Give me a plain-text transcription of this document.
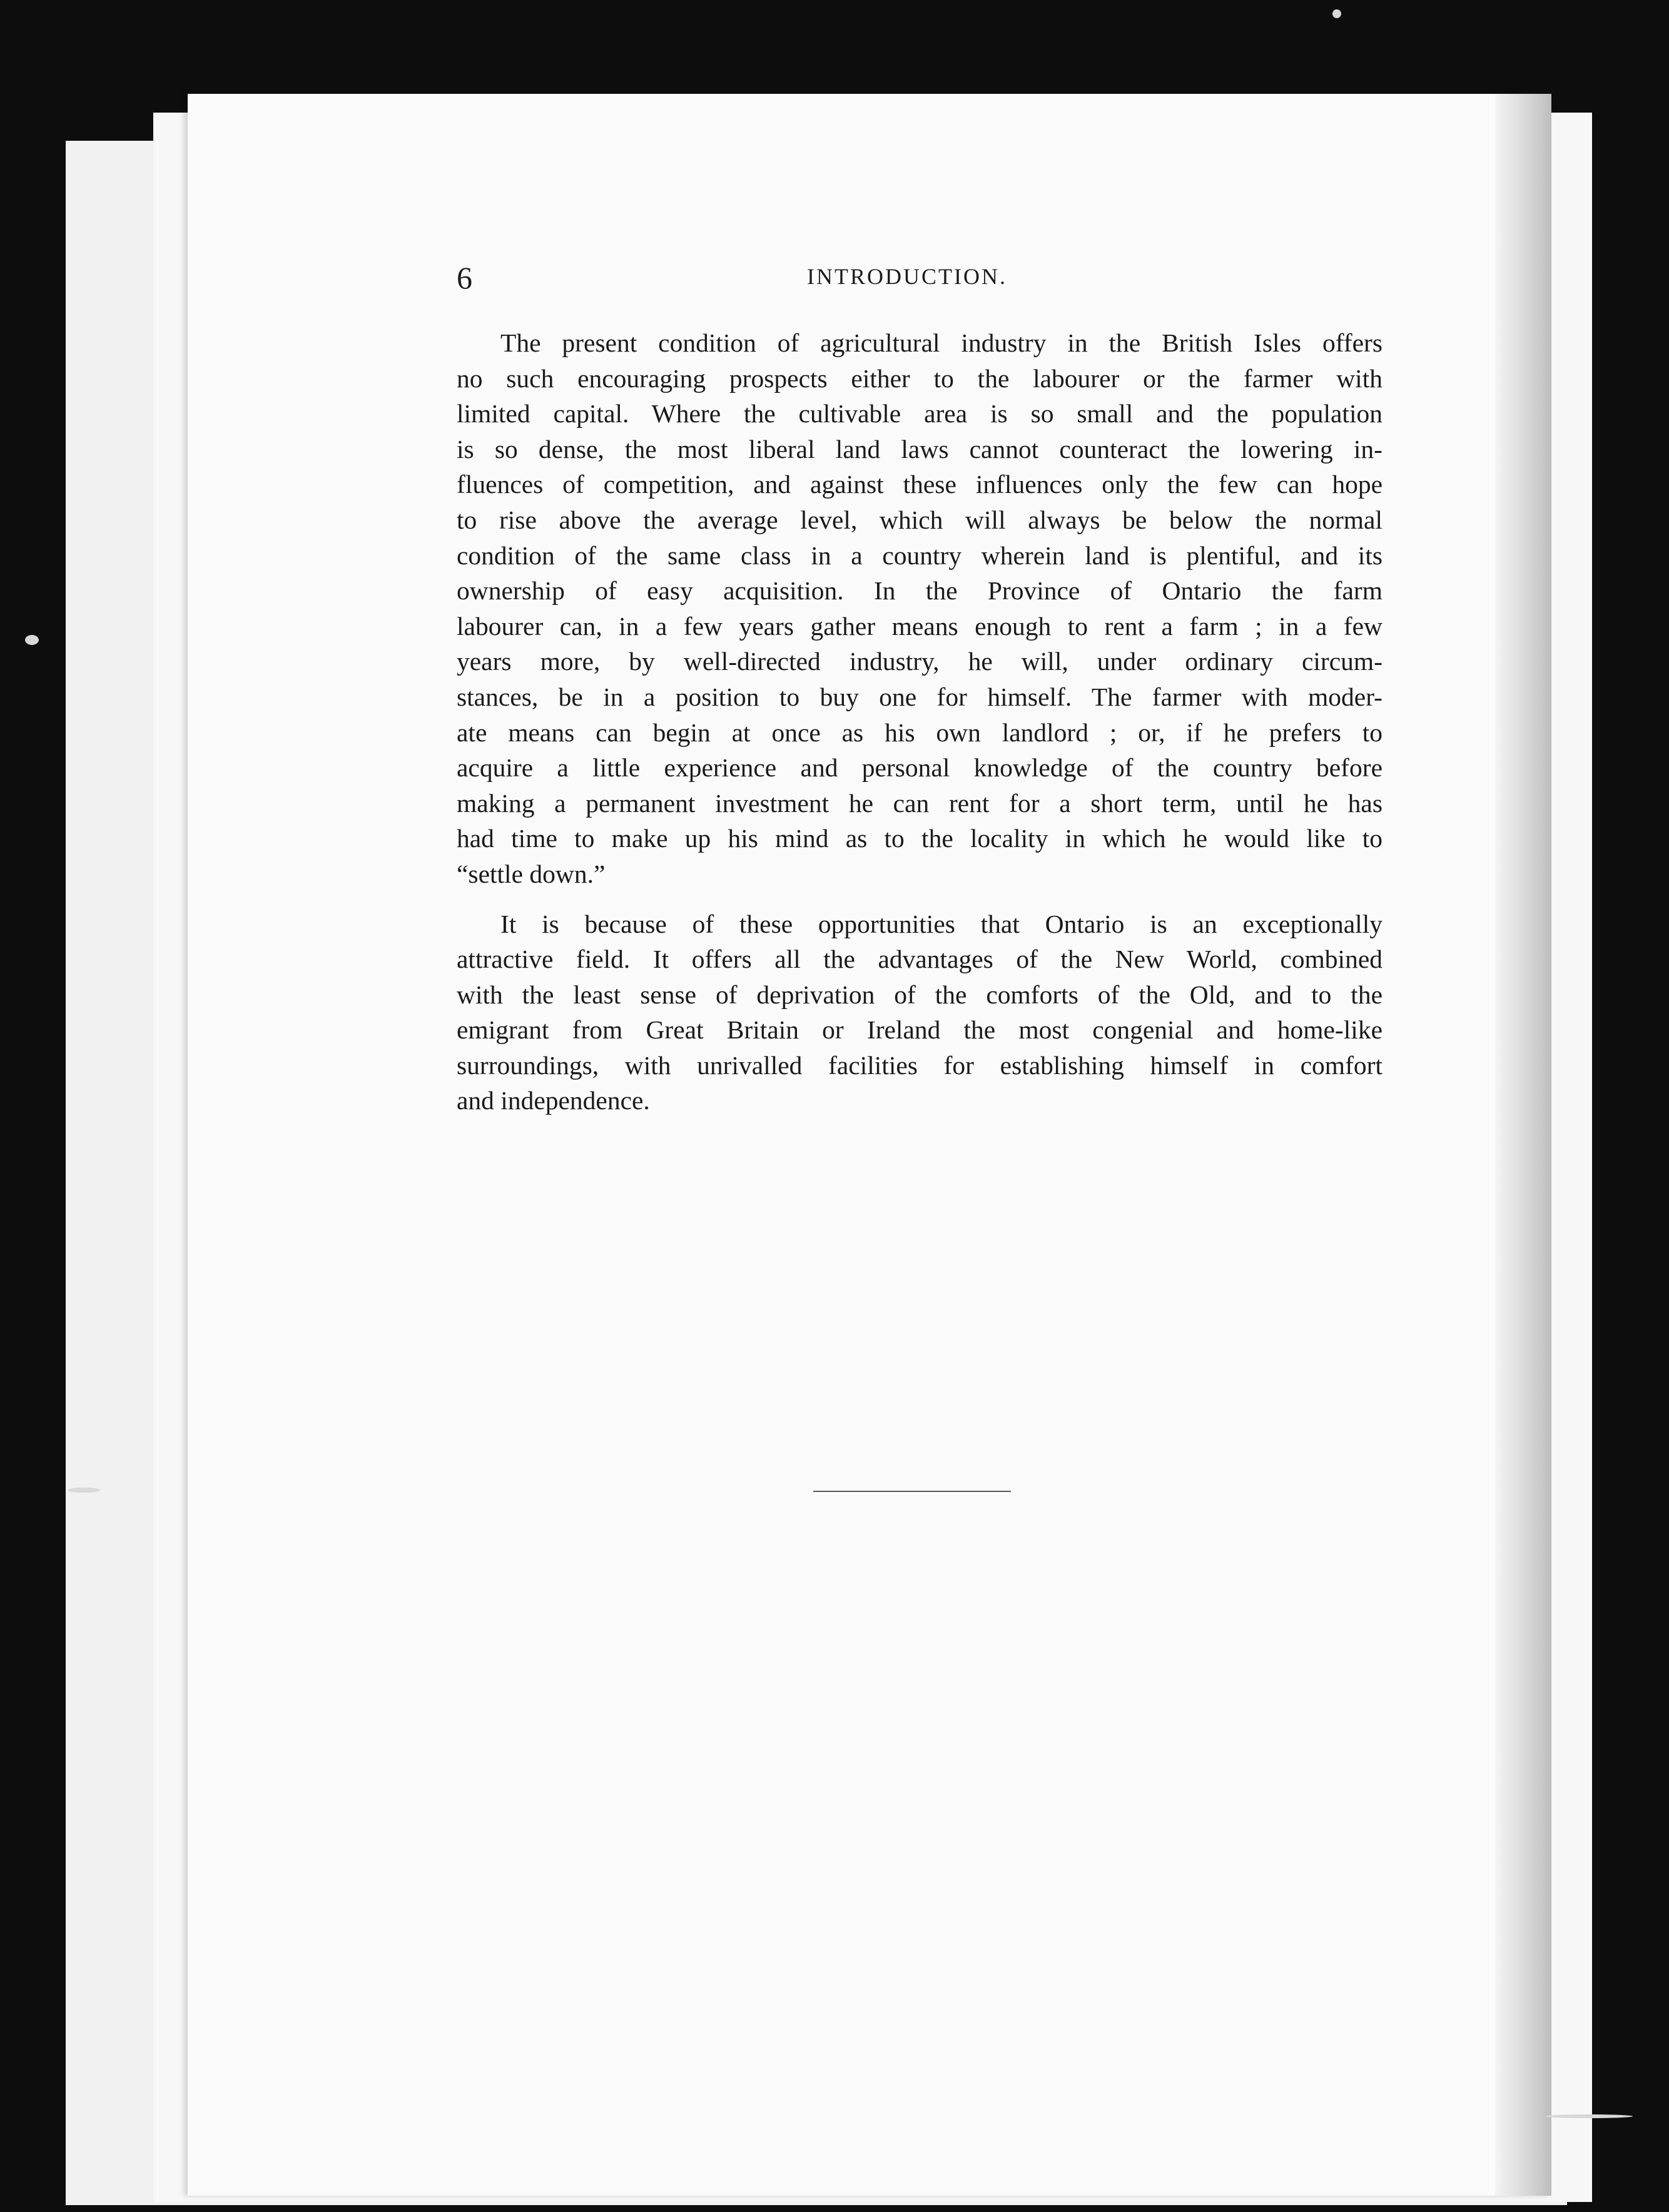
6	INTRODUCTION.

The present condition of agricultural industry in the British Isles offers
no such encouraging prospects either to the labourer or the farmer with
limited capital. Where the cultivable area is so small and the population
is so dense, the most liberal land laws cannot counteract the lowering in-
fluences of competition, and against these influences only the few can hope
to rise above the average level, which will always be below the normal
condition of the same class in a country wherein land is plentiful, and its
ownership of easy acquisition. In the Province of Ontario the farm
labourer can, in a few years gather means enough to rent a farm ; in a few
years more, by well-directed industry, he will, under ordinary circum-
stances, be in a position to buy one for himself. The farmer with moder-
ate means can begin at once as his own landlord ; or, if he prefers to
acquire a little experience and personal knowledge of the country before
making a permanent investment he can rent for a short term, until he has
had time to make up his mind as to the locality in which he would like to
“settle down.”

It is because of these opportunities that Ontario is an exceptionally
attractive field. It offers all the advantages of the New World, combined
with the least sense of deprivation of the comforts of the Old, and to the
emigrant from Great Britain or Ireland the most congenial and home-like
surroundings, with unrivalled facilities for establishing himself in comfort
and independence.
